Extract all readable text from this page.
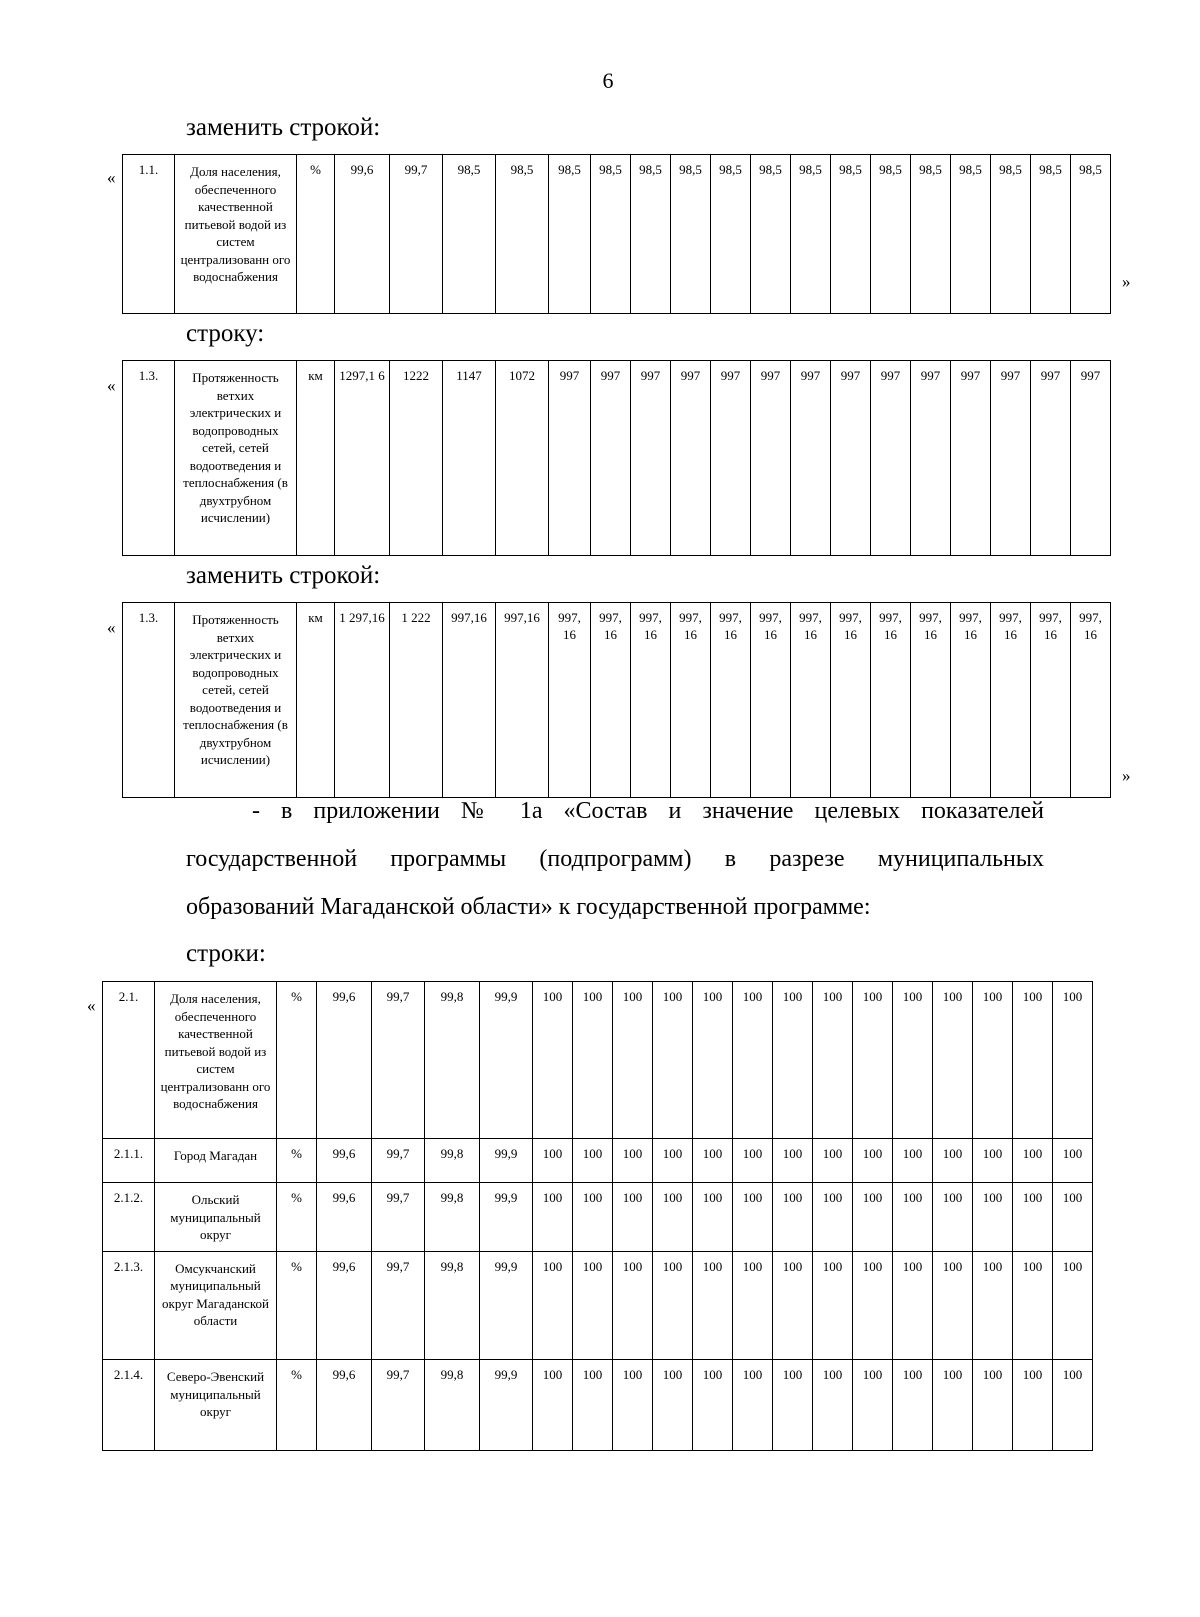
6
заменить строкой:
« 1.1.	Доля населения, обеспеченного качественной питьевой водой из систем централизованн ого водоснабжения	%	99,6	99,7	98,5	98,5	98,5	98,5	98,5	98,5	98,5	98,5	98,5	98,5	98,5	98,5	98,5	98,5	98,5	98,5
»
строку:
«
1.3.	Протяженность ветхих электрических и водопроводных сетей, сетей водоотведения и теплоснабжения (в двухтрубном исчислении)	км	1297,1 6	1222	1147	1072	997	997	997	997	997	997	997	997	997	997	997	997	997	997
заменить строкой:
«
1.3.	Протяженность ветхих электрических и водопроводных сетей, сетей водоотведения и теплоснабжения (в двухтрубном исчислении)	км	1 297,16	1 222	997,16	997,16	997, 16	997, 16	997, 16	997, 16	997, 16	997, 16	997, 16	997, 16	997, 16	997, 16	997, 16	997, 16	997, 16	997, 16
»
- в приложении № 1а «Состав и значение целевых показателей
государственной программы (подпрограмм) в разрезе муниципальных
образований Магаданской области» к государственной программе:
строки:
« 2.1.	Доля населения, обеспеченного качественной питьевой водой из систем централизованн ого водоснабжения	%	99,6	99,7	99,8	99,9	100	100	100	100	100	100	100	100	100	100	100	100	100	100
2.1.1.	Город Магадан	%	99,6	99,7	99,8	99,9	100	100	100	100	100	100	100	100	100	100	100	100	100	100
2.1.2.	Ольский муниципальный округ	%	99,6	99,7	99,8	99,9	100	100	100	100	100	100	100	100	100	100	100	100	100	100
2.1.3.	Омсукчанский муниципальный округ Магаданской области	%	99,6	99,7	99,8	99,9	100	100	100	100	100	100	100	100	100	100	100	100	100	100
2.1.4.	Северо-Эвенский муниципальный округ	%	99,6	99,7	99,8	99,9	100	100	100	100	100	100	100	100	100	100	100	100	100	100
